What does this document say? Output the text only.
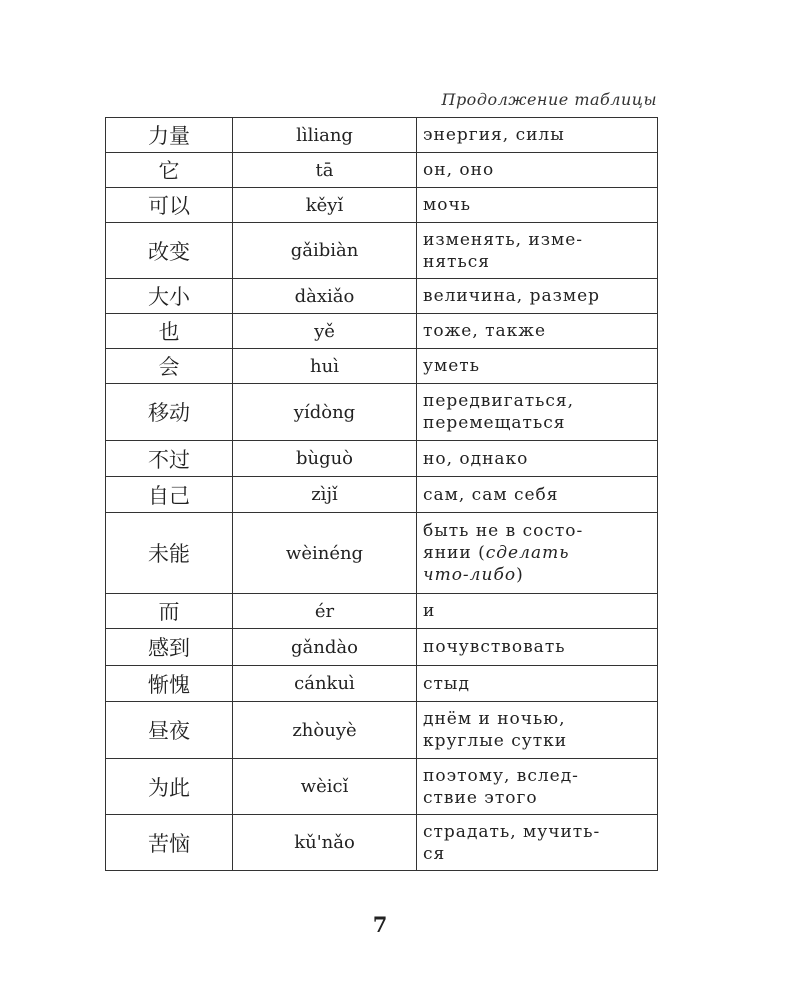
Продолжение таблицы
力量	lìliang	энергия, силы
它	tā	он, оно
可以	kěyǐ	мочь
改变	gǎibiàn	изменять, изме-
няться
大小	dàxiǎo	величина, размер
也	yě	тоже, также
会	huì	уметь
移动	yídòng	передвигаться,
перемещаться
不过	bùguò	но, однако
自己	zìjǐ	сам, сам себя
未能	wèinéng	быть не в состо-
янии (сделать
что-либо)
而	ér	и
感到	gǎndào	почувствовать
惭愧	cánkuì	стыд
昼夜	zhòuyè	днём и ночью,
круглые сутки
为此	wèicǐ	поэтому, вслед-
ствие этого
苦恼	kǔ'nǎo	страдать, мучить-
ся
7
